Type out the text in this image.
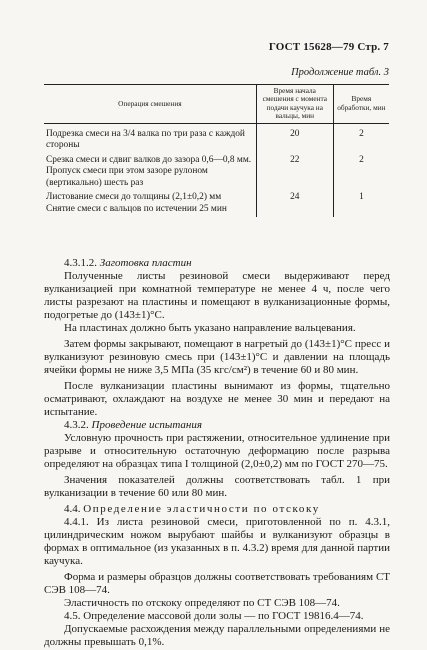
ГОСТ 15628—79 Стр. 7
Продолжение табл. 3
Операция смешения	Время начала смешения с момента подачи каучука на вальцы, мин	Время обработки, мин
Подрезка смеси на 3/4 валка по три раза с каждой стороны	20	2
Срезка смеси и сдвиг валков до зазора 0,6—0,8 мм. Пропуск смеси при этом зазоре рулоном (вертикально) шесть раз	22	2
Листование смеси до толщины (2,1±0,2) мм	24	1
Снятие смеси с вальцов по истечении 25 мин		

4.3.1.2. Заготовка пластин

Полученные листы резиновой смеси выдерживают перед вулканизацией при комнатной температуре не менее 4 ч, после чего листы разрезают на пластины и помещают в вулканизационные формы, подогретые до (143±1)°C.

На пластинах должно быть указано направление вальцевания.

Затем формы закрывают, помещают в нагретый до (143±1)°C пресс и вулканизуют резиновую смесь при (143±1)°C и давлении на площадь ячейки формы не ниже 3,5 МПа (35 кгс/см²) в течение 60 и 80 мин.

После вулканизации пластины вынимают из формы, тщательно осматривают, охлаждают на воздухе не менее 30 мин и передают на испытание.

4.3.2. Проведение испытания

Условную прочность при растяжении, относительное удлинение при разрыве и относительную остаточную деформацию после разрыва определяют на образцах типа I толщиной (2,0±0,2) мм по ГОСТ 270—75.

Значения показателей должны соответствовать табл. 1 при вулканизации в течение 60 или 80 мин.

4.4. Определение эластичности по отскоку

4.4.1. Из листа резиновой смеси, приготовленной по п. 4.3.1, цилиндрическим ножом вырубают шайбы и вулканизуют образцы в формах в оптимальное (из указанных в п. 4.3.2) время для данной партии каучука.

Форма и размеры образцов должны соответствовать требованиям СТ СЭВ 108—74.

Эластичность по отскоку определяют по СТ СЭВ 108—74.

4.5. Определение массовой доли золы — по ГОСТ 19816.4—74.

Допускаемые расхождения между параллельными определениями не должны превышать 0,1%.
